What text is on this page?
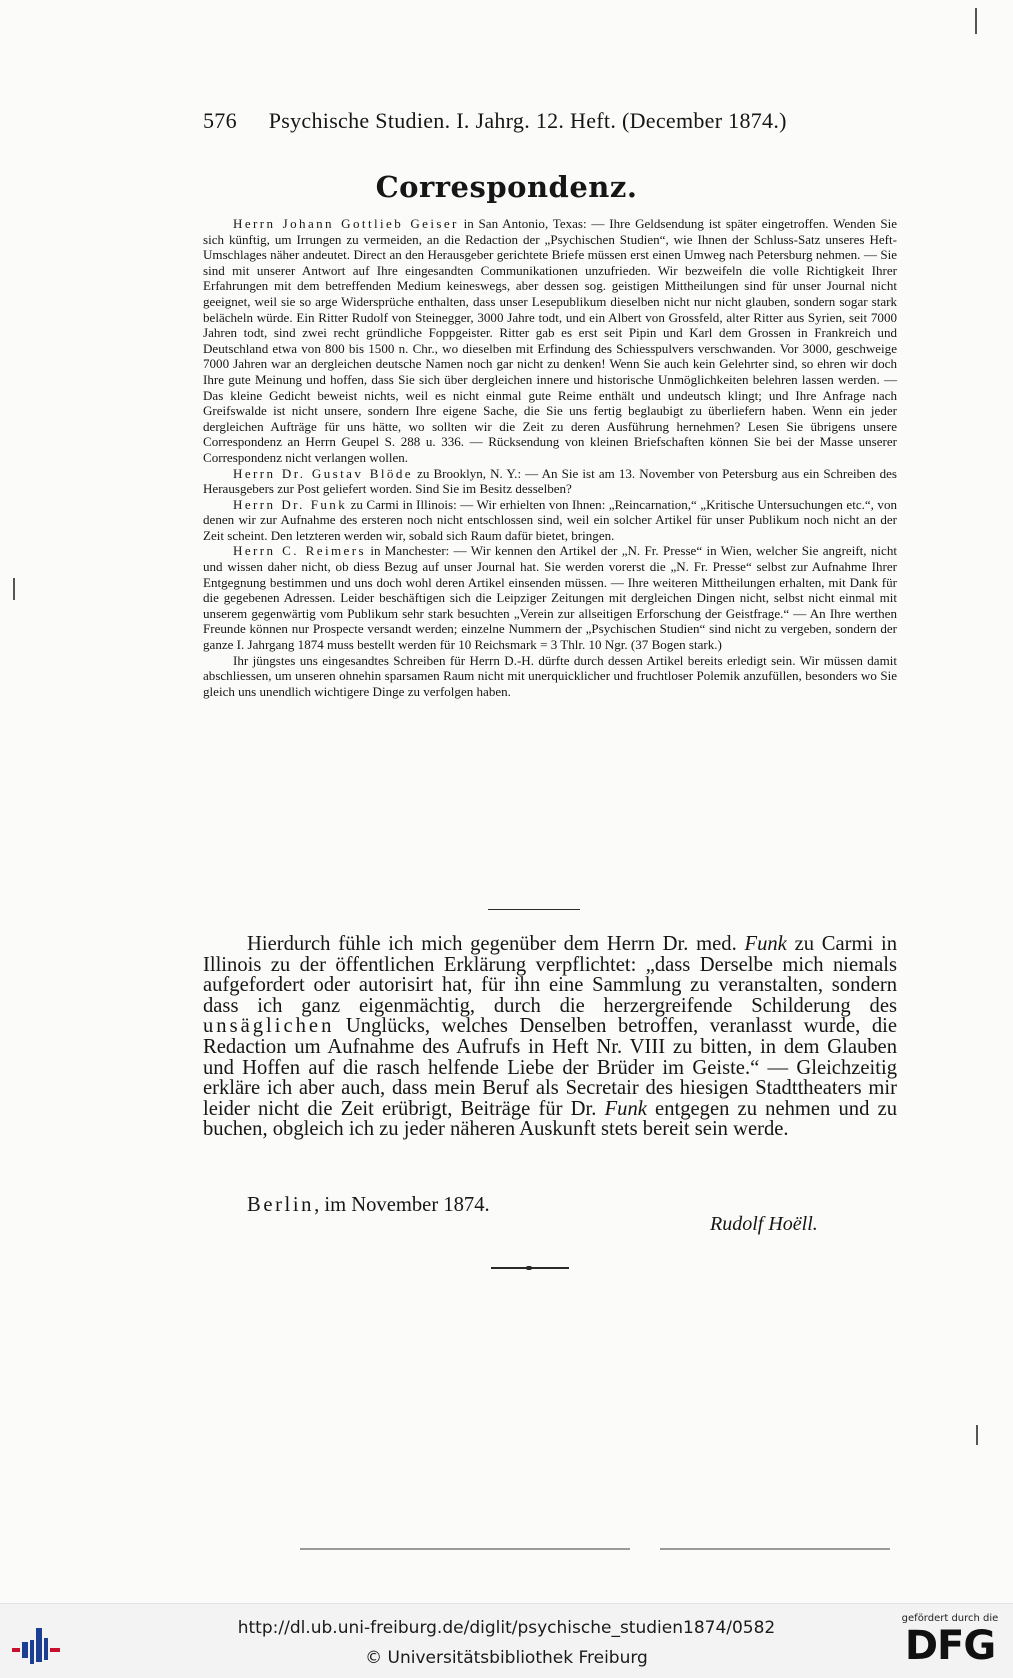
576 Psychische Studien. I. Jahrg. 12. Heft. (December 1874.)
Correspondenz.

Herrn Johann Gottlieb Geiser in San Antonio, Texas: — Ihre Geldsendung ist später eingetroffen. Wenden Sie sich künftig, um Irrungen zu vermeiden, an die Redaction der „Psychischen Studien“, wie Ihnen der Schluss-Satz unseres Heft-Umschlages näher andeutet. Direct an den Herausgeber gerichtete Briefe müssen erst einen Umweg nach Petersburg nehmen. — Sie sind mit unserer Antwort auf Ihre eingesandten Communikationen unzufrieden. Wir bezweifeln die volle Richtigkeit Ihrer Erfahrungen mit dem betreffenden Medium keineswegs, aber dessen sog. geistigen Mittheilungen sind für unser Journal nicht geeignet, weil sie so arge Widersprüche enthalten, dass unser Lesepublikum dieselben nicht nur nicht glauben, sondern sogar stark belächeln würde. Ein Ritter Rudolf von Steinegger, 3000 Jahre todt, und ein Albert von Grossfeld, alter Ritter aus Syrien, seit 7000 Jahren todt, sind zwei recht gründliche Foppgeister. Ritter gab es erst seit Pipin und Karl dem Grossen in Frankreich und Deutschland etwa von 800 bis 1500 n. Chr., wo dieselben mit Erfindung des Schiesspulvers verschwanden. Vor 3000, geschweige 7000 Jahren war an dergleichen deutsche Namen noch gar nicht zu denken! Wenn Sie auch kein Gelehrter sind, so ehren wir doch Ihre gute Meinung und hoffen, dass Sie sich über dergleichen innere und historische Unmöglichkeiten belehren lassen werden. — Das kleine Gedicht beweist nichts, weil es nicht einmal gute Reime enthält und undeutsch klingt; und Ihre Anfrage nach Greifswalde ist nicht unsere, sondern Ihre eigene Sache, die Sie uns fertig beglaubigt zu überliefern haben. Wenn ein jeder dergleichen Aufträge für uns hätte, wo sollten wir die Zeit zu deren Ausführung hernehmen? Lesen Sie übrigens unsere Correspondenz an Herrn Geupel S. 288 u. 336. — Rücksendung von kleinen Briefschaften können Sie bei der Masse unserer Correspondenz nicht verlangen wollen.

Herrn Dr. Gustav Blöde zu Brooklyn, N. Y.: — An Sie ist am 13. November von Petersburg aus ein Schreiben des Herausgebers zur Post geliefert worden. Sind Sie im Besitz desselben?

Herrn Dr. Funk zu Carmi in Illinois: — Wir erhielten von Ihnen: „Reincarnation,“ „Kritische Untersuchungen etc.“, von denen wir zur Aufnahme des ersteren noch nicht entschlossen sind, weil ein solcher Artikel für unser Publikum noch nicht an der Zeit scheint. Den letzteren werden wir, sobald sich Raum dafür bietet, bringen.

Herrn C. Reimers in Manchester: — Wir kennen den Artikel der „N. Fr. Presse“ in Wien, welcher Sie angreift, nicht und wissen daher nicht, ob diess Bezug auf unser Journal hat. Sie werden vorerst die „N. Fr. Presse“ selbst zur Aufnahme Ihrer Entgegnung bestimmen und uns doch wohl deren Artikel einsenden müssen. — Ihre weiteren Mittheilungen erhalten, mit Dank für die gegebenen Adressen. Leider beschäftigen sich die Leipziger Zeitungen mit dergleichen Dingen nicht, selbst nicht einmal mit unserem gegenwärtig vom Publikum sehr stark besuchten „Verein zur allseitigen Erforschung der Geistfrage.“ — An Ihre werthen Freunde können nur Prospecte versandt werden; einzelne Nummern der „Psychischen Studien“ sind nicht zu vergeben, sondern der ganze I. Jahrgang 1874 muss bestellt werden für 10 Reichsmark = 3 Thlr. 10 Ngr. (37 Bogen stark.)

Ihr jüngstes uns eingesandtes Schreiben für Herrn D.-H. dürfte durch dessen Artikel bereits erledigt sein. Wir müssen damit abschliessen, um unseren ohnehin sparsamen Raum nicht mit unerquicklicher und fruchtloser Polemik anzufüllen, besonders wo Sie gleich uns unendlich wichtigere Dinge zu verfolgen haben.

Hierdurch fühle ich mich gegenüber dem Herrn Dr. med. Funk zu Carmi in Illinois zu der öffentlichen Erklärung verpflichtet: „dass Derselbe mich niemals aufgefordert oder autorisirt hat, für ihn eine Sammlung zu veranstalten, sondern dass ich ganz eigenmächtig, durch die herzergreifende Schilderung des unsäglichen Unglücks, welches Denselben betroffen, veranlasst wurde, die Redaction um Aufnahme des Aufrufs in Heft Nr. VIII zu bitten, in dem Glauben und Hoffen auf die rasch helfende Liebe der Brüder im Geiste.“ — Gleichzeitig erkläre ich aber auch, dass mein Beruf als Secretair des hiesigen Stadttheaters mir leider nicht die Zeit erübrigt, Beiträge für Dr. Funk entgegen zu nehmen und zu buchen, obgleich ich zu jeder näheren Auskunft stets bereit sein werde.

Berlin, im November 1874.
Rudolf Hoëll.
http://dl.ub.uni-freiburg.de/diglit/psychische_studien1874/0582
© Universitätsbibliothek Freiburg
gefördert durch die
DFG
